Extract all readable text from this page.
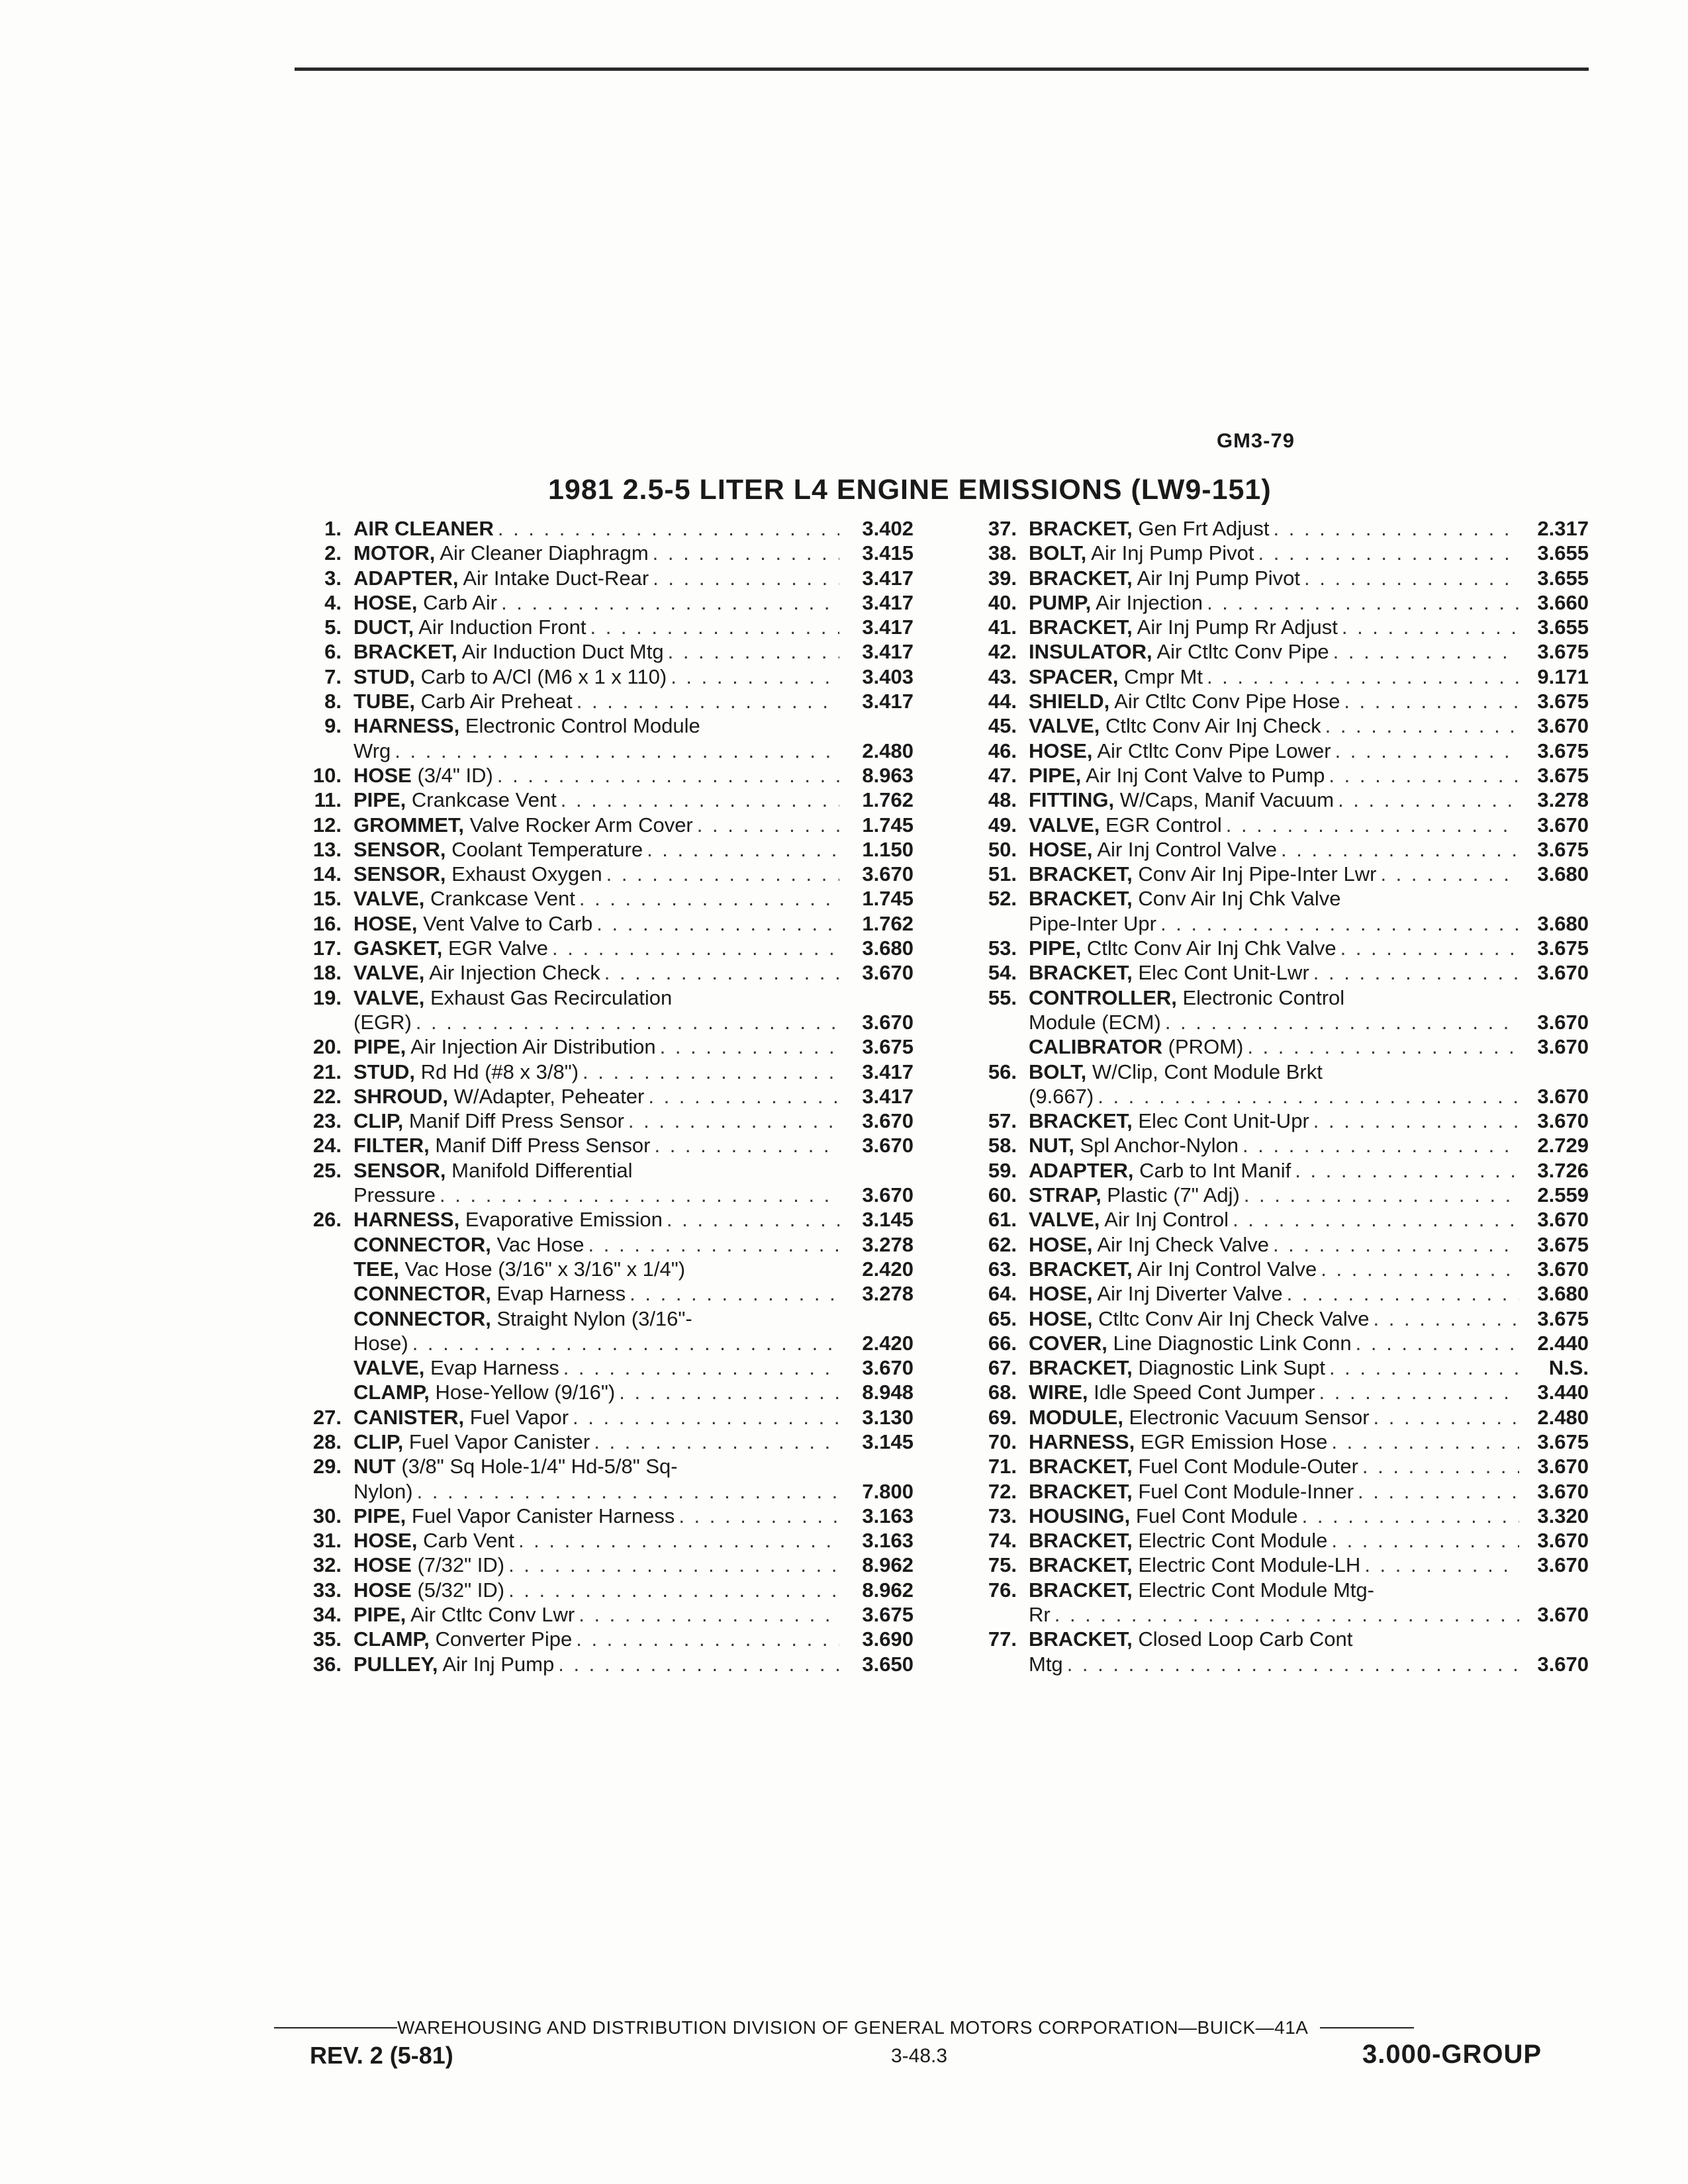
GM3-79
1981 2.5-5 LITER L4 ENGINE EMISSIONS (LW9-151)
1. AIR CLEANER . . .	3.402
2. MOTOR, Air Cleaner Diaphragm . . .	3.415
3. ADAPTER, Air Intake Duct-Rear . . .	3.417
4. HOSE, Carb Air . . .	3.417
5. DUCT, Air Induction Front . . .	3.417
6. BRACKET, Air Induction Duct Mtg . . .	3.417
7. STUD, Carb to A/Cl (M6 x 1 x 110) . . .	3.403
8. TUBE, Carb Air Preheat . . .	3.417
9. HARNESS, Electronic Control Module
Wrg . . .	2.480
10. HOSE (3/4" ID) . . .	8.963
11. PIPE, Crankcase Vent . . .	1.762
12. GROMMET, Valve Rocker Arm Cover . . .	1.745
13. SENSOR, Coolant Temperature . . .	1.150
14. SENSOR, Exhaust Oxygen . . .	3.670
15. VALVE, Crankcase Vent . . .	1.745
16. HOSE, Vent Valve to Carb . . .	1.762
17. GASKET, EGR Valve . . .	3.680
18. VALVE, Air Injection Check . . .	3.670
19. VALVE, Exhaust Gas Recirculation
(EGR) . . .	3.670
20. PIPE, Air Injection Air Distribution . . .	3.675
21. STUD, Rd Hd (#8 x 3/8") . . .	3.417
22. SHROUD, W/Adapter, Peheater . . .	3.417
23. CLIP, Manif Diff Press Sensor . . .	3.670
24. FILTER, Manif Diff Press Sensor . . .	3.670
25. SENSOR, Manifold Differential
Pressure . . .	3.670
26. HARNESS, Evaporative Emission . . .	3.145
CONNECTOR, Vac Hose . . .	3.278
TEE, Vac Hose (3/16" x 3/16" x 1/4")	2.420
CONNECTOR, Evap Harness . . .	3.278
CONNECTOR, Straight Nylon (3/16"-
Hose) . . .	2.420
VALVE, Evap Harness . . .	3.670
CLAMP, Hose-Yellow (9/16") . . .	8.948
27. CANISTER, Fuel Vapor . . .	3.130
28. CLIP, Fuel Vapor Canister . . .	3.145
29. NUT (3/8" Sq Hole-1/4" Hd-5/8" Sq-
Nylon) . . .	7.800
30. PIPE, Fuel Vapor Canister Harness . . .	3.163
31. HOSE, Carb Vent . . .	3.163
32. HOSE (7/32" ID) . . .	8.962
33. HOSE (5/32" ID) . . .	8.962
34. PIPE, Air Ctltc Conv Lwr . . .	3.675
35. CLAMP, Converter Pipe . . .	3.690
36. PULLEY, Air Inj Pump . . .	3.650
37. BRACKET, Gen Frt Adjust . . .	2.317
38. BOLT, Air Inj Pump Pivot . . .	3.655
39. BRACKET, Air Inj Pump Pivot . . .	3.655
40. PUMP, Air Injection . . .	3.660
41. BRACKET, Air Inj Pump Rr Adjust . . .	3.655
42. INSULATOR, Air Ctltc Conv Pipe . . .	3.675
43. SPACER, Cmpr Mt . . .	9.171
44. SHIELD, Air Ctltc Conv Pipe Hose . . .	3.675
45. VALVE, Ctltc Conv Air Inj Check . . .	3.670
46. HOSE, Air Ctltc Conv Pipe Lower . . .	3.675
47. PIPE, Air Inj Cont Valve to Pump . . .	3.675
48. FITTING, W/Caps, Manif Vacuum . . .	3.278
49. VALVE, EGR Control . . .	3.670
50. HOSE, Air Inj Control Valve . . .	3.675
51. BRACKET, Conv Air Inj Pipe-Inter Lwr . . .	3.680
52. BRACKET, Conv Air Inj Chk Valve
Pipe-Inter Upr . . .	3.680
53. PIPE, Ctltc Conv Air Inj Chk Valve . . .	3.675
54. BRACKET, Elec Cont Unit-Lwr . . .	3.670
55. CONTROLLER, Electronic Control
Module (ECM) . . .	3.670
CALIBRATOR (PROM) . . .	3.670
56. BOLT, W/Clip, Cont Module Brkt
(9.667) . . .	3.670
57. BRACKET, Elec Cont Unit-Upr . . .	3.670
58. NUT, Spl Anchor-Nylon . . .	2.729
59. ADAPTER, Carb to Int Manif . . .	3.726
60. STRAP, Plastic (7" Adj) . . .	2.559
61. VALVE, Air Inj Control . . .	3.670
62. HOSE, Air Inj Check Valve . . .	3.675
63. BRACKET, Air Inj Control Valve . . .	3.670
64. HOSE, Air Inj Diverter Valve . . .	3.680
65. HOSE, Ctltc Conv Air Inj Check Valve . . .	3.675
66. COVER, Line Diagnostic Link Conn . . .	2.440
67. BRACKET, Diagnostic Link Supt . . .	N.S.
68. WIRE, Idle Speed Cont Jumper . . .	3.440
69. MODULE, Electronic Vacuum Sensor . . .	2.480
70. HARNESS, EGR Emission Hose . . .	3.675
71. BRACKET, Fuel Cont Module-Outer . . .	3.670
72. BRACKET, Fuel Cont Module-Inner . . .	3.670
73. HOUSING, Fuel Cont Module . . .	3.320
74. BRACKET, Electric Cont Module . . .	3.670
75. BRACKET, Electric Cont Module-LH . . .	3.670
76. BRACKET, Electric Cont Module Mtg-
Rr . . .	3.670
77. BRACKET, Closed Loop Carb Cont
Mtg . . .	3.670
WAREHOUSING AND DISTRIBUTION DIVISION OF GENERAL MOTORS CORPORATION—BUICK—41A
REV. 2 (5-81)	3-48.3	3.000-GROUP
